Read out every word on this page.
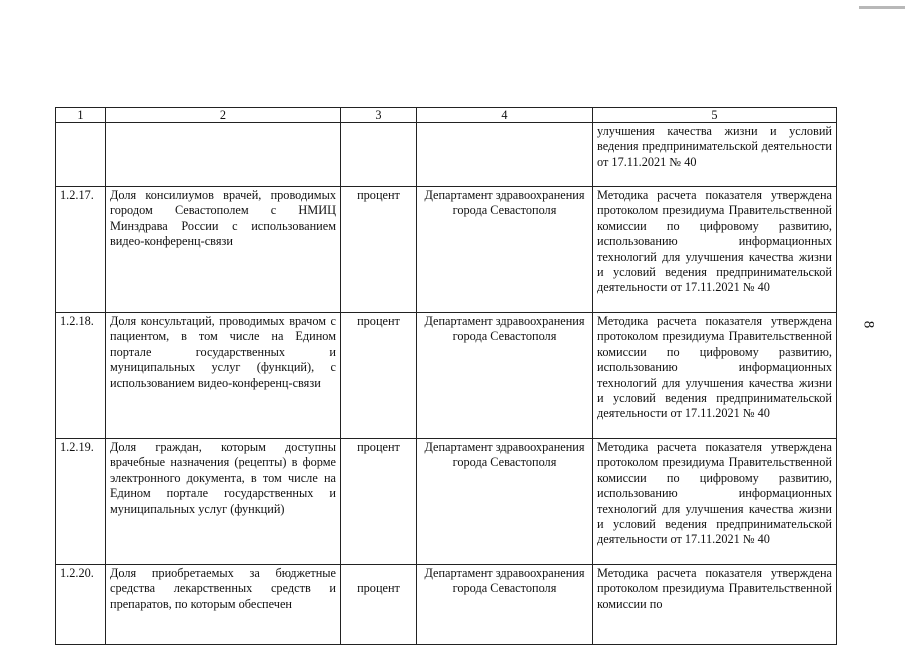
8
1	2	3	4	5
				улучшения качества жизни и условий ведения предпринимательской деятельности от 17.11.2021 № 40
1.2.17.	Доля консилиумов врачей, проводимых городом Севастополем с НМИЦ Минздрава России с использованием видео-конференц-связи	процент	Департамент здравоохранения города Севастополя	Методика расчета показателя утверждена протоколом президиума Правительственной комиссии по цифровому развитию, использованию информационных технологий для улучшения качества жизни и условий ведения предпринимательской деятельности от 17.11.2021 № 40
1.2.18.	Доля консультаций, проводимых врачом с пациентом, в том числе на Едином портале государственных и муниципальных услуг (функций), с использованием видео-конференц-связи	процент	Департамент здравоохранения города Севастополя	Методика расчета показателя утверждена протоколом президиума Правительственной комиссии по цифровому развитию, использованию информационных технологий для улучшения качества жизни и условий ведения предпринимательской деятельности от 17.11.2021 № 40
1.2.19.	Доля граждан, которым доступны врачебные назначения (рецепты) в форме электронного документа, в том числе на Едином портале государственных и муниципальных услуг (функций)	процент	Департамент здравоохранения города Севастополя	Методика расчета показателя утверждена протоколом президиума Правительственной комиссии по цифровому развитию, использованию информационных технологий для улучшения качества жизни и условий ведения предпринимательской деятельности от 17.11.2021 № 40
1.2.20.	Доля приобретаемых за бюджетные средства лекарственных средств и препаратов, по которым обеспечен	процент	Департамент здравоохранения города Севастополя	Методика расчета показателя утверждена протоколом президиума Правительственной комиссии по
